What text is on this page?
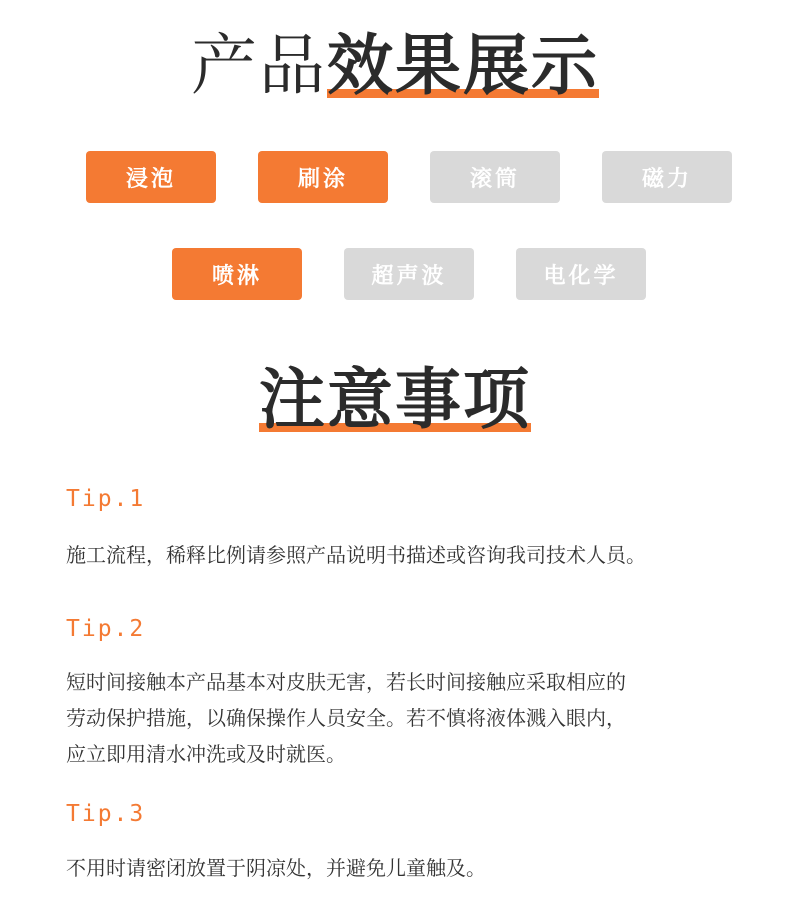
产品
效果展示
浸泡	刷涂	滚筒	磁力
喷淋	超声波	电化学
注意事项
Tip.1
施工流程，稀释比例请参照产品说明书描述或咨询我司技术人员。
Tip.2
短时间接触本产品基本对皮肤无害，若长时间接触应采取相应的
劳动保护措施，以确保操作人员安全。若不慎将液体溅入眼内，
应立即用清水冲洗或及时就医。
Tip.3
不用时请密闭放置于阴凉处，并避免儿童触及。
